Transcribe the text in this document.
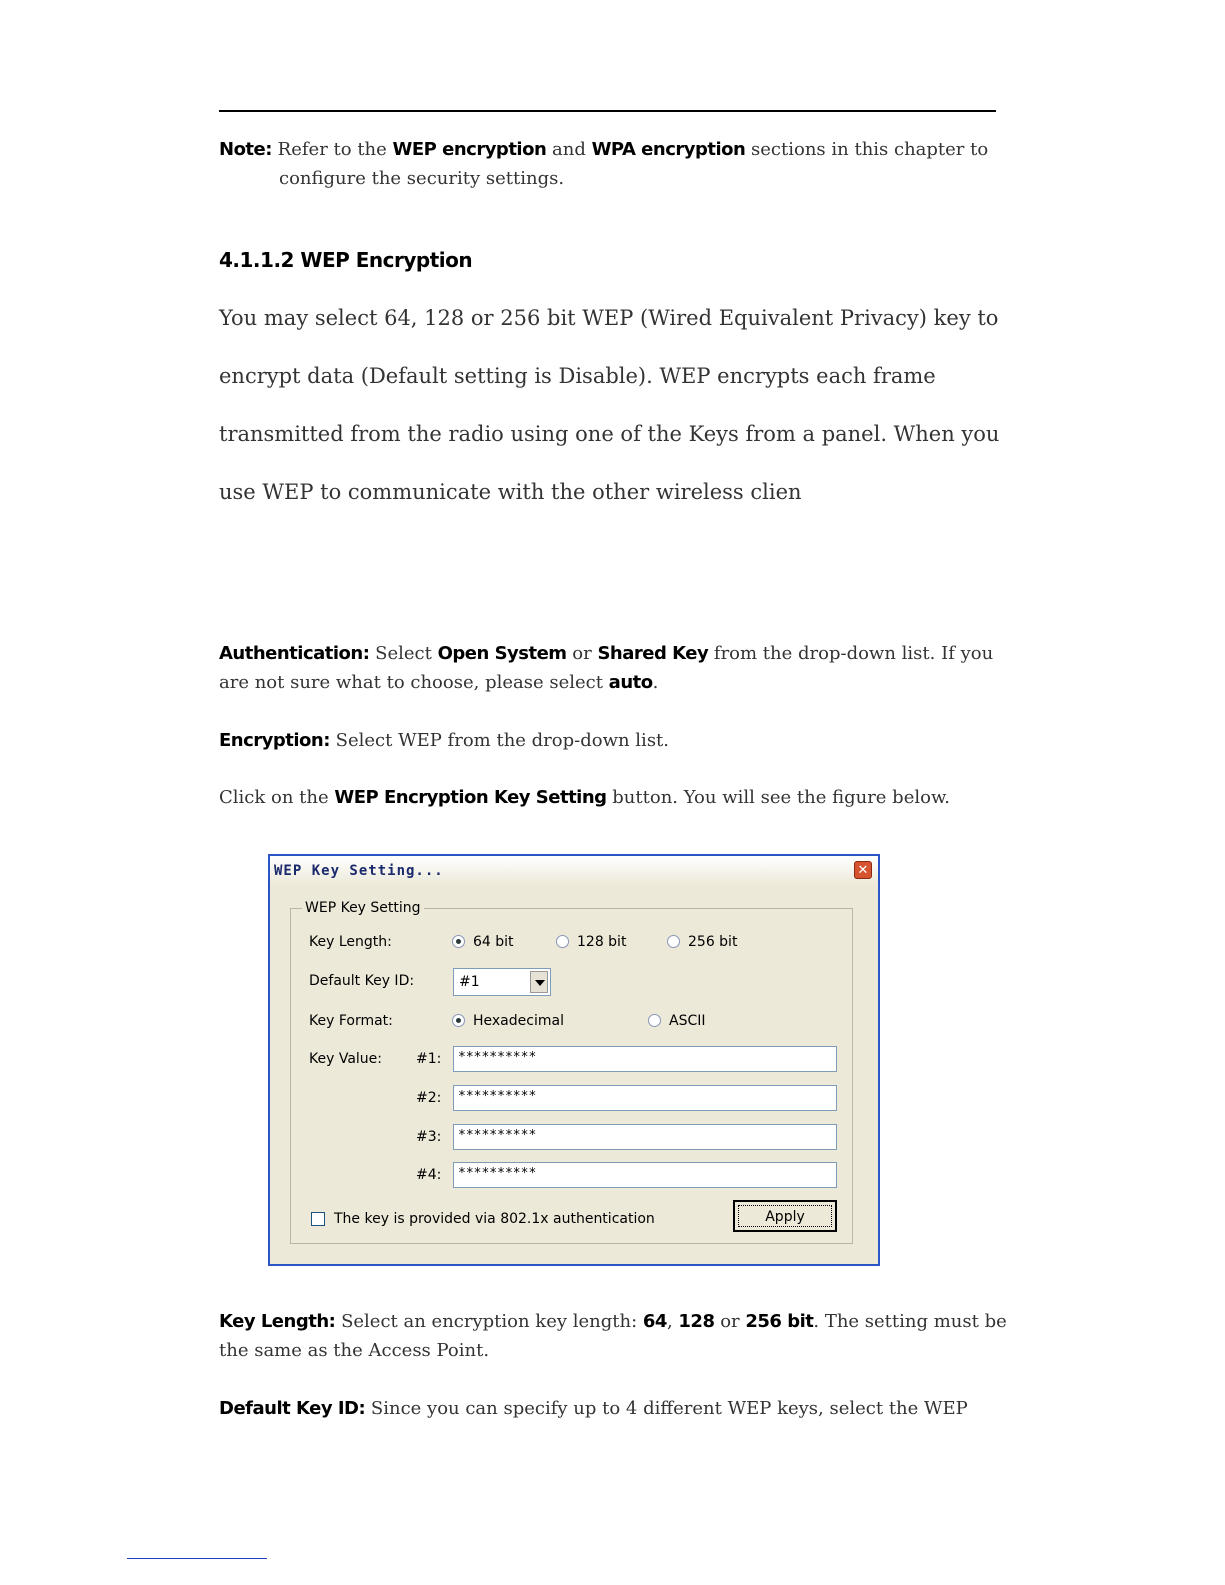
Note: Refer to the WEP encryption and WPA encryption sections in this chapter to

configure the security settings.
4.1.1.2 WEP Encryption
You may select 64, 128 or 256 bit WEP (Wired Equivalent Privacy) key to
encrypt data (Default setting is Disable). WEP encrypts each frame
transmitted from the radio using one of the Keys from a panel. When you
use WEP to communicate with the other wireless clien

Authentication: Select Open System or Shared Key from the drop-down list. If you

are not sure what to choose, please select auto.

Encryption: Select WEP from the drop-down list.

Click on the WEP Encryption Key Setting button. You will see the figure below.

WEP Key Setting...	✕
WEP Key Setting
Key Length:	64 bit	128 bit	256 bit
Default Key ID:	#1
Key Format:	Hexadecimal	ASCII
Key Value: #1:	**********
#2:	**********
#3:	**********
#4:	**********
The key is provided via 802.1x authentication	Apply

Key Length: Select an encryption key length: 64, 128 or 256 bit. The setting must be

the same as the Access Point.

Default Key ID: Since you can specify up to 4 different WEP keys, select the WEP
